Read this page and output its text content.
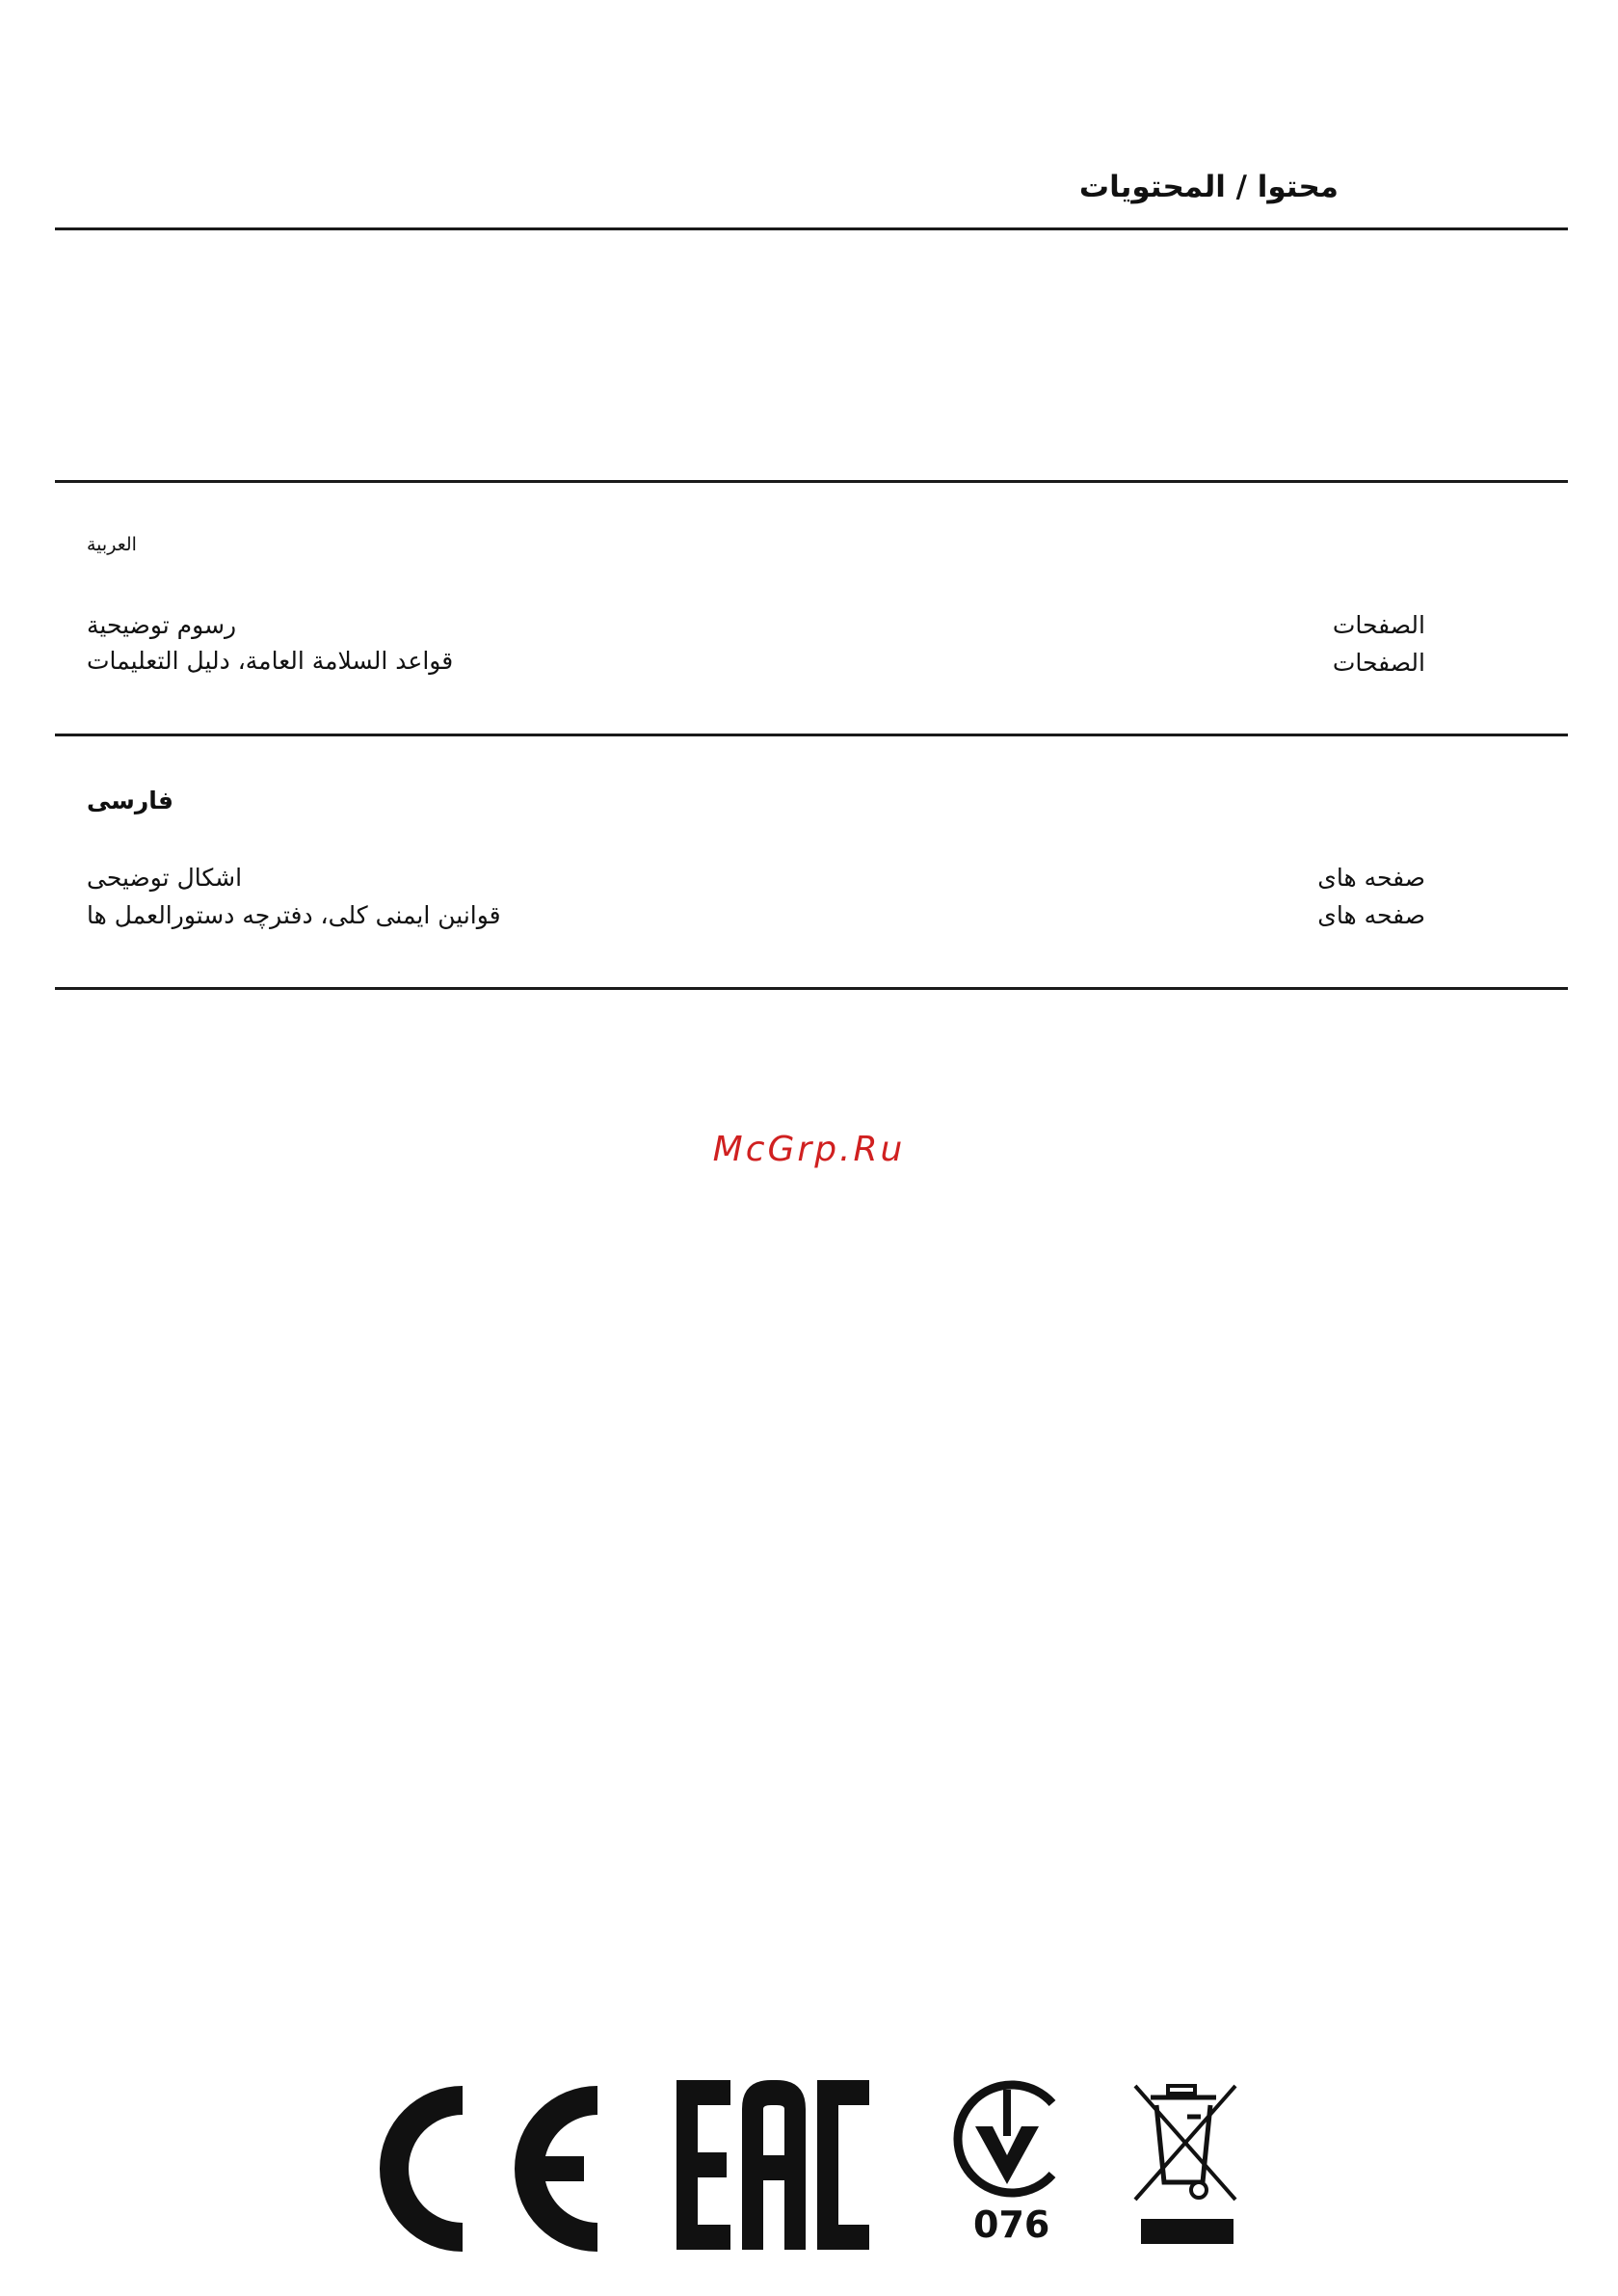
محتوا / المحتويات
العربية
رسوم توضيحية	الصفحات
قواعد السلامة العامة، دليل التعليمات	الصفحات
فارسی
اشکال توضیحی	صفحه های
قوانین ایمنی کلی، دفترچه دستورالعمل ها	صفحه های
McGrp.Ru
076
